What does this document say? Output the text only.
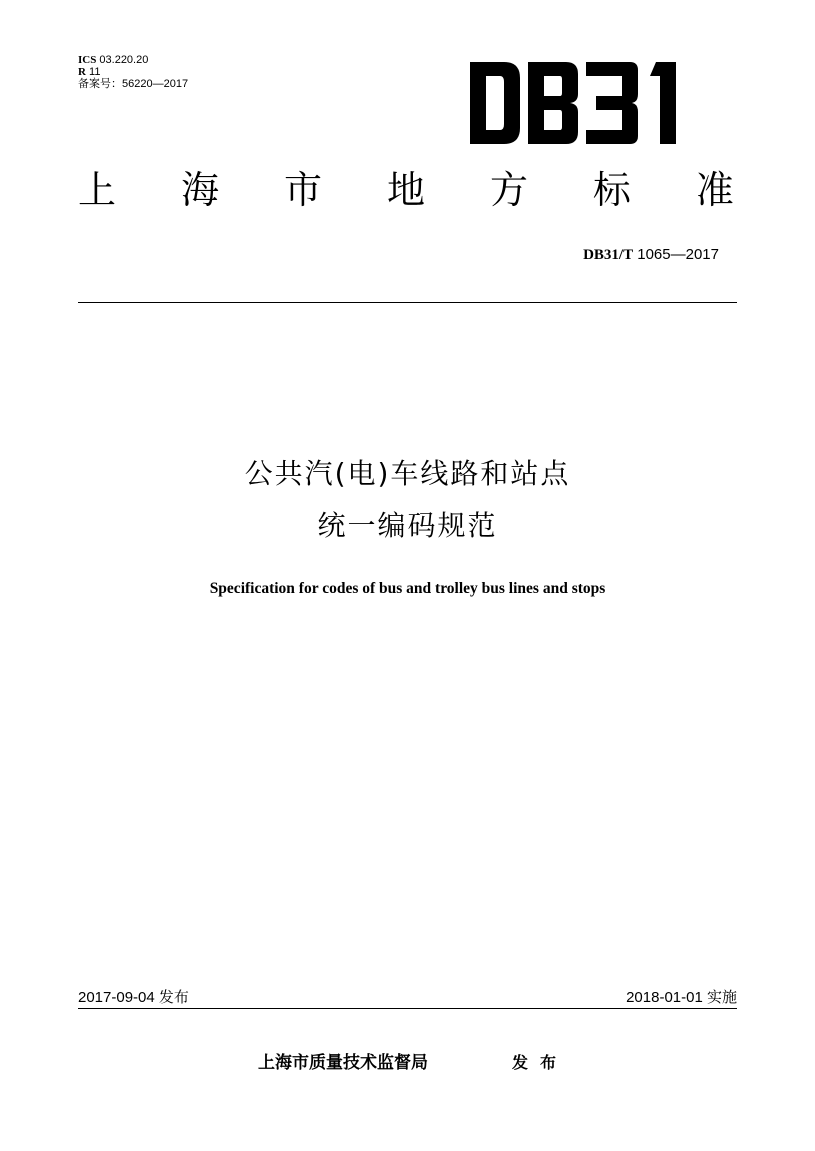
ICS 03.220.20
R 11
备案号：56220—2017
上 海 市 地 方 标 准
DB31/T 1065—2017
公共汽(电)车线路和站点
统一编码规范
Specification for codes of bus and trolley bus lines and stops
2017-09-04 发布	2018-01-01 实施
上海市质量技术监督局	发布
